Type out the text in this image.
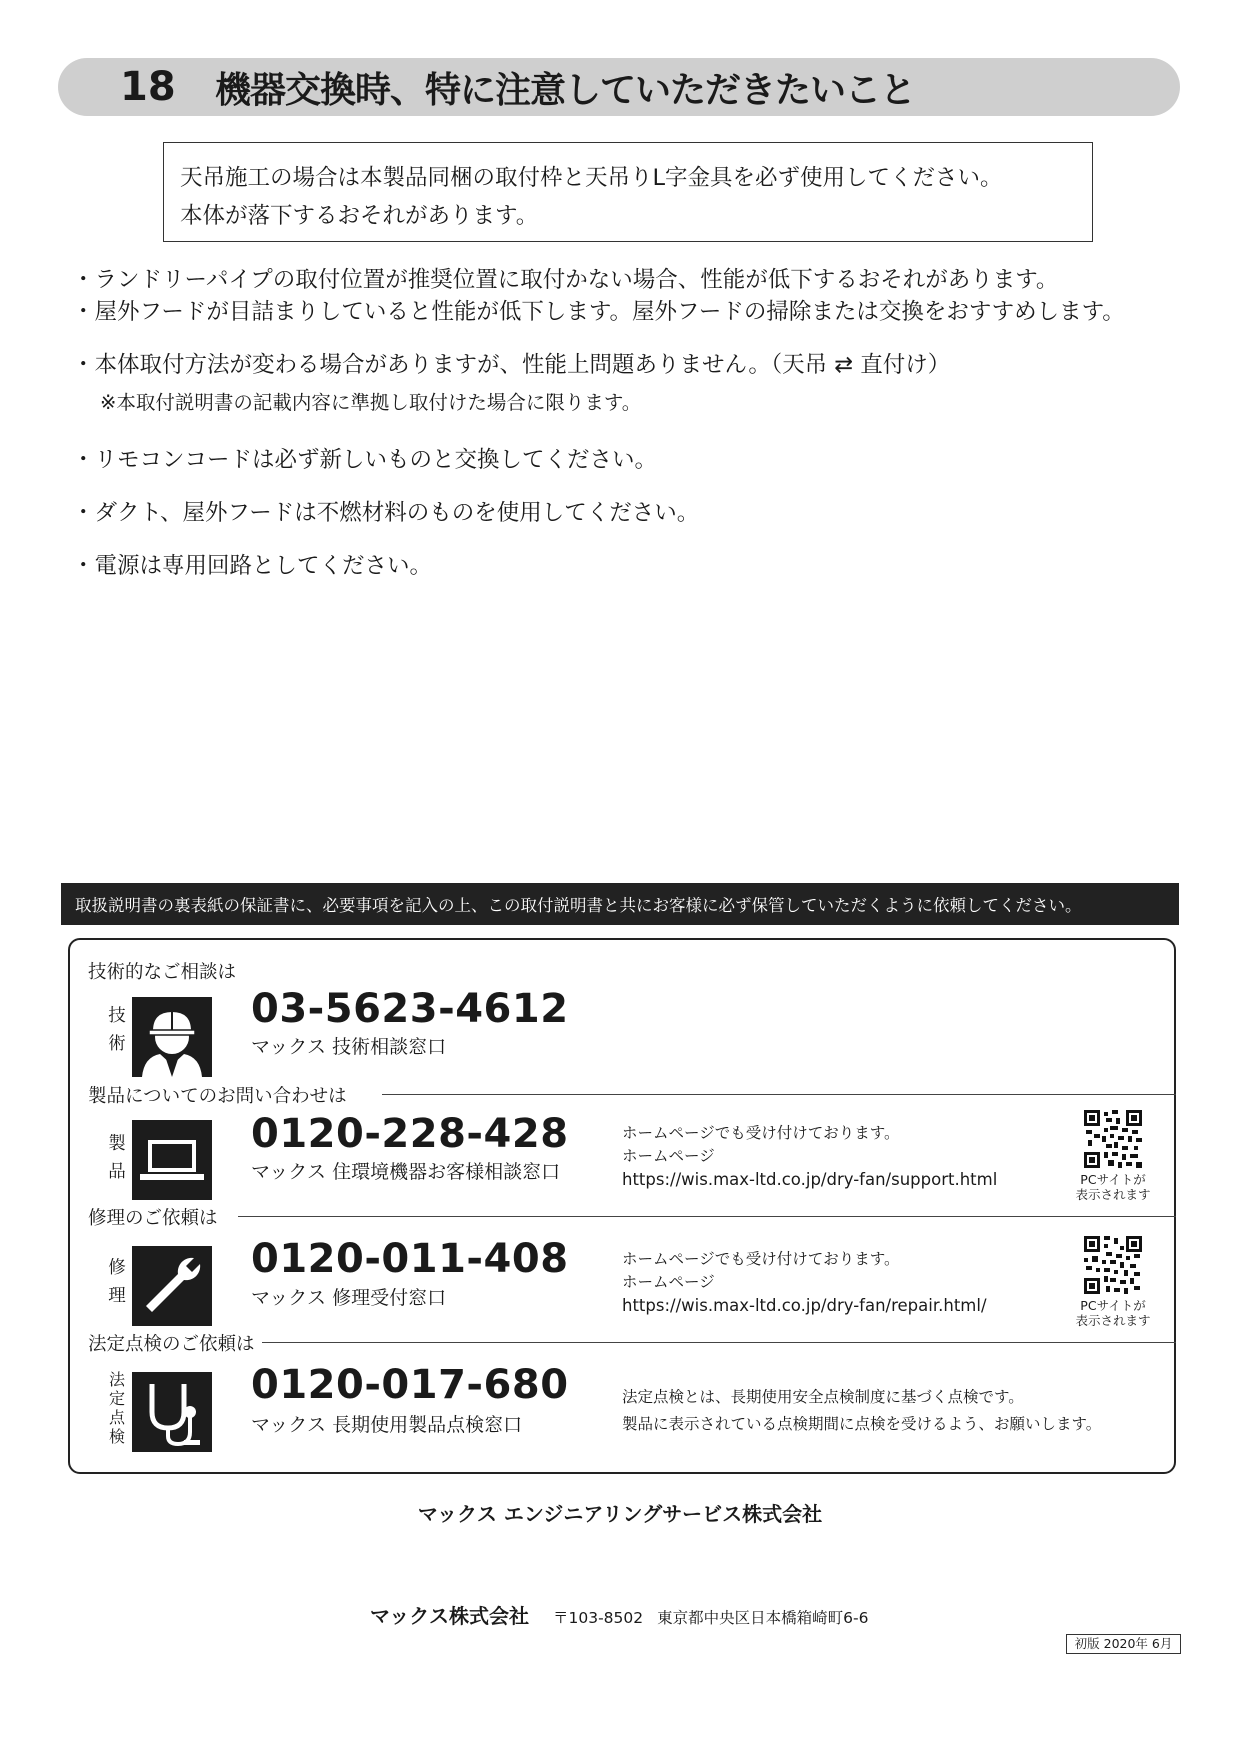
18	機器交換時、特に注意していただきたいこと
天吊施工の場合は本製品同梱の取付枠と天吊りL字金具を必ず使用してください。
本体が落下するおそれがあります。
・ランドリーパイプの取付位置が推奨位置に取付かない場合、性能が低下するおそれがあります。
・屋外フードが目詰まりしていると性能が低下します。屋外フードの掃除または交換をおすすめします。
・本体取付方法が変わる場合がありますが、性能上問題ありません。（天吊 ⇄ 直付け）
※本取付説明書の記載内容に準拠し取付けた場合に限ります。
・リモコンコードは必ず新しいものと交換してください。
・ダクト、屋外フードは不燃材料のものを使用してください。
・電源は専用回路としてください。
取扱説明書の裏表紙の保証書に、必要事項を記入の上、この取付説明書と共にお客様に必ず保管していただくように依頼してください。
技術的なご相談は
技
術
03-5623-4612
マックス 技術相談窓口
製品についてのお問い合わせは
製
品
0120-228-428
マックス 住環境機器お客様相談窓口
ホームページでも受け付けております。
ホームページ
https://wis.max-ltd.co.jp/dry-fan/support.html	PCサイトが
表示されます
修理のご依頼は
修
理
0120-011-408
マックス 修理受付窓口
ホームページでも受け付けております。
ホームページ
https://wis.max-ltd.co.jp/dry-fan/repair.html/	PCサイトが
表示されます
法定点検のご依頼は
法
定
点
検
0120-017-680
マックス 長期使用製品点検窓口
法定点検とは、長期使用安全点検制度に基づく点検です。
製品に表示されている点検期間に点検を受けるよう、お願いします。
マックス エンジニアリングサービス株式会社
マックス株式会社 〒103-8502 東京都中央区日本橋箱崎町6-6
初版 2020年 6月
